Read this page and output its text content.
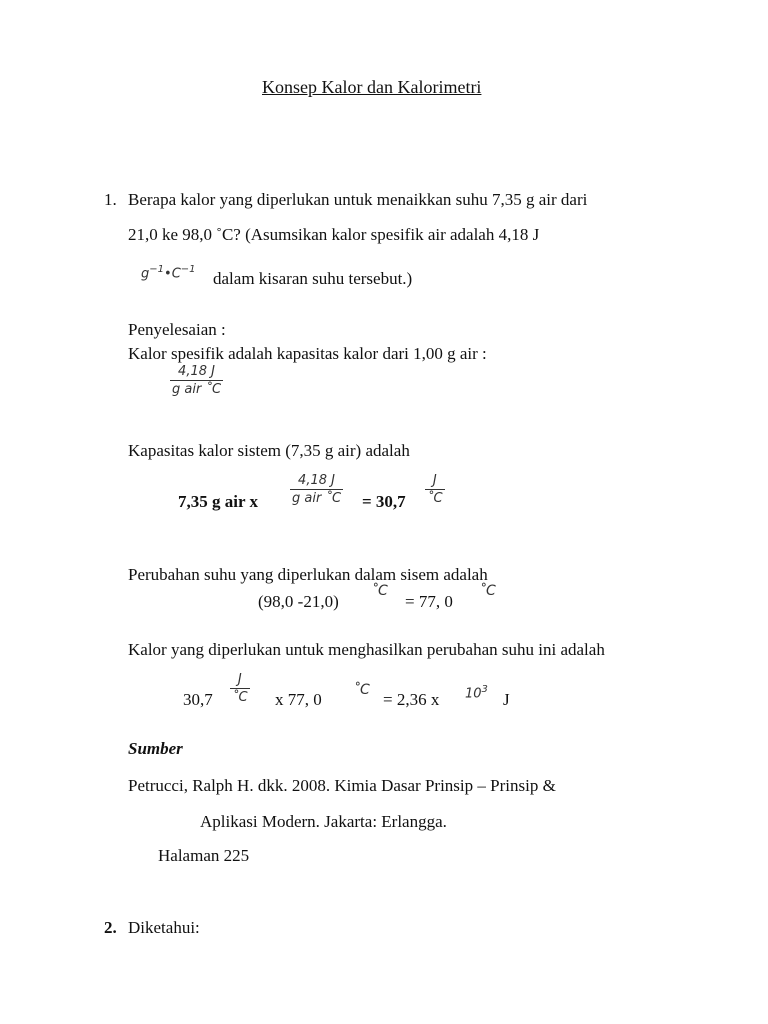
Konsep Kalor dan Kalorimetri
1. Berapa kalor yang diperlukan untuk menaikkan suhu 7,35 g air dari
21,0 ke 98,0 ˚C? (Asumsikan kalor spesifik air adalah 4,18 J
$g^{-1}•C^{-1}$ dalam kisaran suhu tersebut.)
Penyelesaian :
Kalor spesifik adalah kapasitas kalor dari 1,00 g air :
4,18 J
g air ˚C
Kapasitas kalor sistem (7,35 g air) adalah
7,35 g air x
4,18 J
g air ˚C = $30,7 \frac{J}{˚C}$
Perubahan suhu yang diperlukan dalam sisem adalah
(98,0 -21,0)
˚C
= 77, 0
˚C
Kalor yang diperlukan untuk menghasilkan perubahan suhu ini adalah
$30,7 \frac{J}{˚C}$ x 77, 0 ˚C = 2,36 x $10^3$
J
Sumber
Petrucci, Ralph H. dkk. 2008. Kimia Dasar Prinsip – Prinsip &
Aplikasi Modern. Jakarta: Erlangga.
Halaman 225
2. Diketahui:
